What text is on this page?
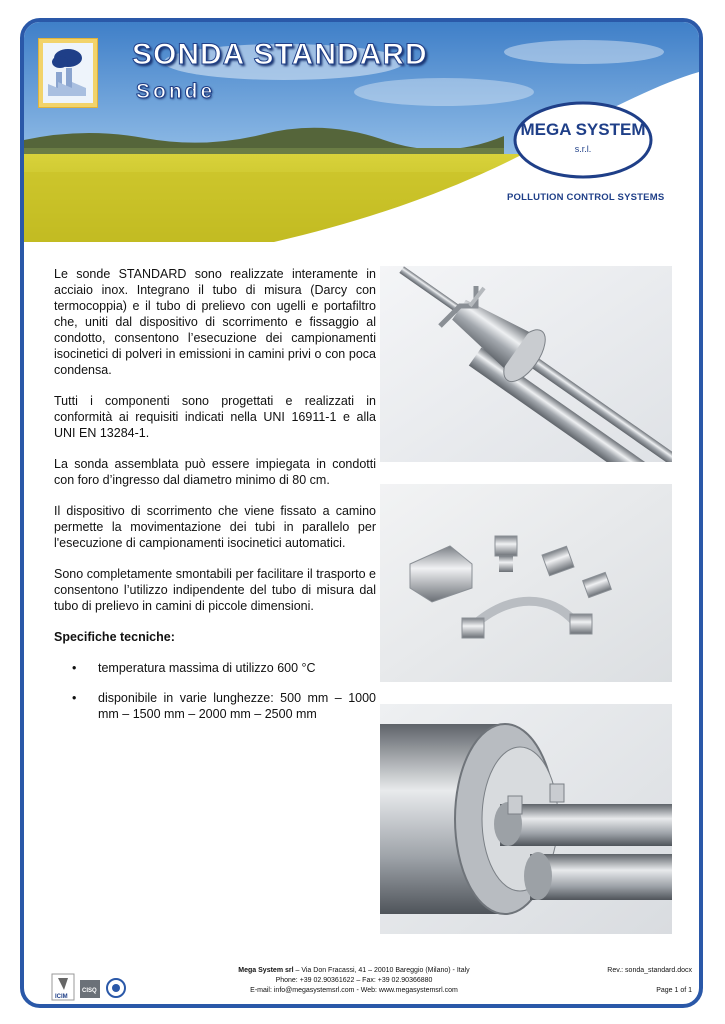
SONDA STANDARD
Sonde
MEGA SYSTEM
s.r.l.
POLLUTION CONTROL SYSTEMS

Le sonde STANDARD sono realizzate interamente in acciaio inox. Integrano il tubo di misura (Darcy con termocoppia) e il tubo di prelievo con ugelli e portafiltro che, uniti dal dispositivo di scorrimento e fissaggio al condotto, consentono l’esecuzione dei campionamenti isocinetici di polveri in emissioni in camini privi o con poca condensa.

Tutti i componenti sono progettati e realizzati in conformità ai requisiti indicati nella UNI 16911-1 e alla UNI EN 13284-1.

La sonda assemblata può essere impiegata in condotti con foro d’ingresso dal diametro minimo di 80 cm.

Il dispositivo di scorrimento che viene fissato a camino permette la movimentazione dei tubi in parallelo per l'esecuzione di campionamenti isocinetici automatici.

Sono completamente smontabili per facilitare il trasporto e consentono l’utilizzo indipendente del tubo di misura dal tubo di prelievo in camini di piccole dimensioni.

Specifiche tecniche:

• temperatura massima di utilizzo 600 °C
• disponibile in varie lunghezze: 500 mm – 1000 mm – 1500 mm – 2000 mm – 2500 mm
ICIM
CISQ
ISO 9001 • Cert. n° 6495
Mega System srl – Via Don Fracassi, 41 – 20010 Bareggio (Milano) - Italy
Phone: +39 02.90361622 – Fax: +39 02.90366880
E-mail: info@megasystemsrl.com - Web: www.megasystemsrl.com
Rev.: sonda_standard.docx
Page 1 of 1
